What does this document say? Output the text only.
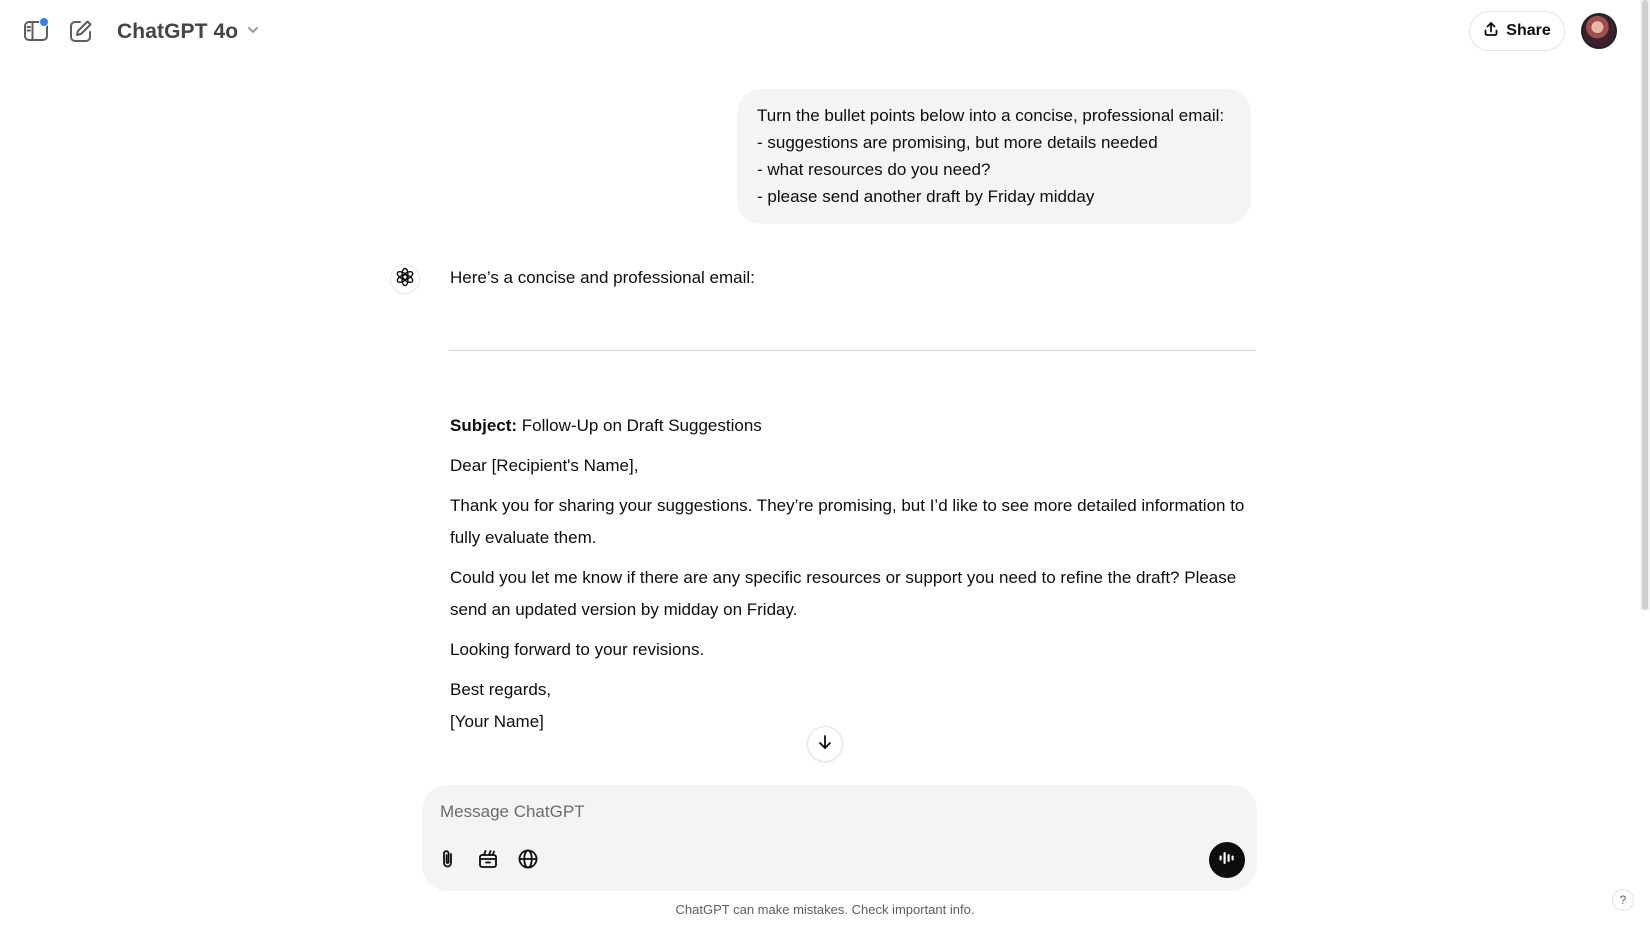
ChatGPT 4o	Share
Turn the bullet points below into a concise, professional email:
- suggestions are promising, but more details needed
- what resources do you need?
- please send another draft by Friday midday
Here’s a concise and professional email:

Subject: Follow-Up on Draft Suggestions

Dear [Recipient's Name],

Thank you for sharing your suggestions. They’re promising, but I’d like to see more detailed information to fully evaluate them.

Could you let me know if there are any specific resources or support you need to refine the draft? Please send an updated version by midday on Friday.

Looking forward to your revisions.

Best regards,
[Your Name]

Message ChatGPT
ChatGPT can make mistakes. Check important info.
?
